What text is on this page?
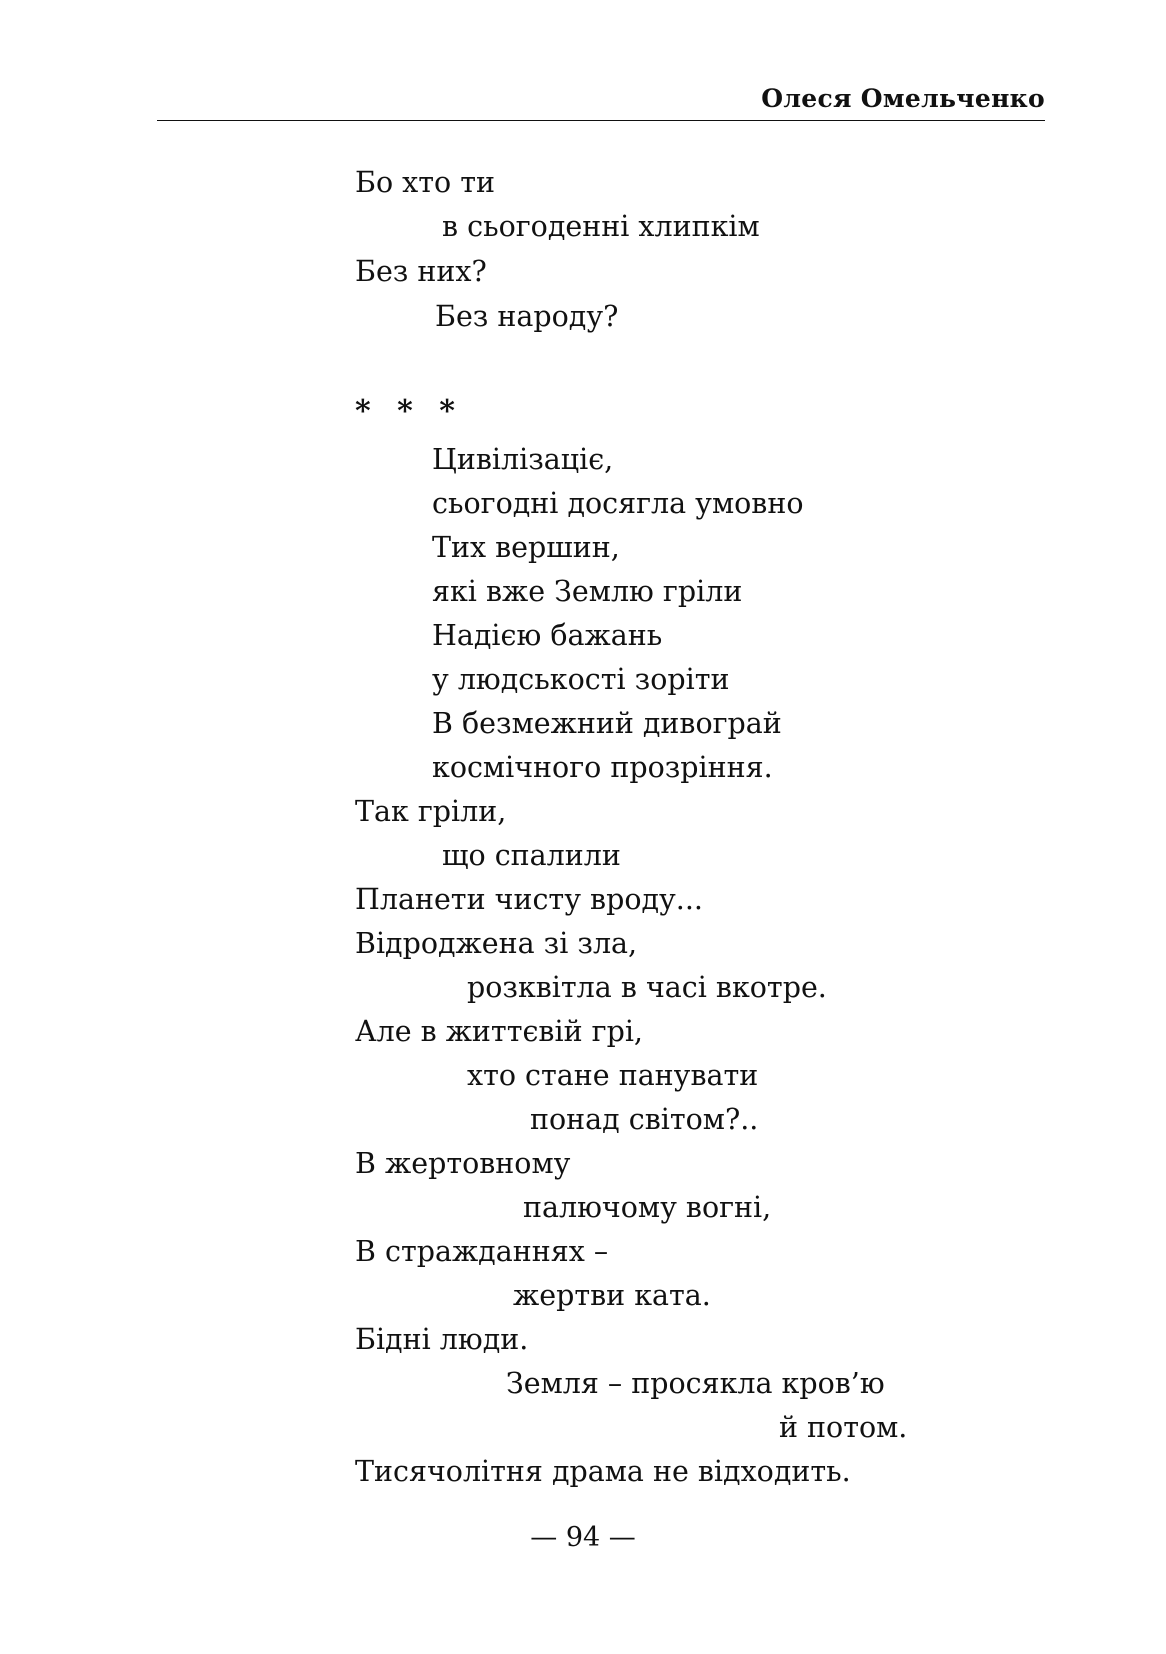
Олеся Омельченко
Бо хто ти
в сьогоденні хлипкім
Без них?
Без народу?
* * *
Цивілізаціє,
сьогодні досягла умовно
Тих вершин,
які вже Землю гріли
Надією бажань
у людськості зоріти
В безмежний дивограй
космічного прозріння.
Так гріли,
що спалили
Планети чисту вроду...
Відроджена зі зла,
розквітла в часі вкотре.
Але в життєвій грі,
хто стане панувати
понад світом?..
В жертовному
палючому вогні,
В стражданнях –
жертви ката.
Бідні люди.
Земля – просякла кров’ю
й потом.
Тисячолітня драма не відходить.
— 94 —
